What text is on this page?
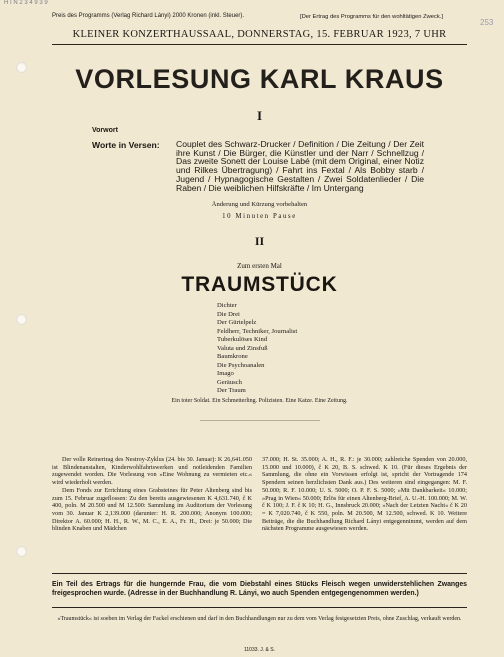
H I N 2 3 4 9 3 9
253
Preis des Programms (Verlag Richard Lányi) 2000 Kronen (inkl. Steuer).	[Der Ertrag des Programms für den wohltätigen Zweck.]
KLEINER KONZERTHAUSSAAL, DONNERSTAG, 15. FEBRUAR 1923, 7 UHR
VORLESUNG KARL KRAUS
I
Vorwort
Worte in Versen: Couplet des Schwarz-Drucker / Definition / Die Zeitung / Der Zeit ihre Kunst / Die Bürger, die Künstler und der Narr / Schnellzug / Das zweite Sonett der Louise Labé (mit dem Original, einer Notiz und Rilkes Übertragung) / Fahrt ins Fextal / Als Bobby starb / Jugend / Hypnagogische Gestalten / Zwei Soldatenlieder / Die Raben / Die weiblichen Hilfskräfte / Im Untergang
Änderung und Kürzung vorbehalten
10 Minuten Pause
II
Zum ersten Mal
TRAUMSTÜCK
Dichter
Die Drei
Der Gürtelpelz
Feldherr, Techniker, Journalist
Tuberkulöses Kind
Valuta und Zinsfuß
Baumkrone
Die Psychoanalen
Imago
Geräusch
Der Traum
Ein toter Soldat. Ein Schmetterling. Polizisten. Eine Katze. Eine Zeitung.

Der volle Reinertrag des Nestroy-Zyklus (24. bis 30. Januar): K 26,641.050 ist Blindenanstalten, Kinderwohlfahrtswerken und notleidenden Familien zugewendet worden. Die Vorlesung von »Eine Wohnung zu vermieten etc.« wird wiederholt werden.

Dem Fonds zur Errichtung eines Grabsteines für Peter Altenberg sind bis zum 15. Februar zugeflossen: Zu den bereits ausgewiesenen K 4,631.740, č K 400, poln. M 20.500 und M 12.500: Sammlung im Auditorium der Vorlesung vom 30. Januar K 2,139.000 (darunter: H. R. 200.000; Anonym 100.000; Direktor A. 60.000; H. H., R. W., M. C., E. A., Fr. H., Drei: je 50.000; Die blinden Knaben und Mädchen

37.000; H. St. 35.000; A. H., R. F.: je 30.000; zahlreiche Spenden von 20.000, 15.000 und 10.000), č K 20, B. S. schwed. K 10. (Für dieses Ergebnis der Sammlung, die ohne ein Vorwissen erfolgt ist, spricht der Vortragende 174 Spendern seinen herzlichsten Dank aus.) Des weiteren sind eingegangen: M. F. 50.000; R. F. 10.000; U. S. 5000; O. P. F. S. 5000; »Mit Dankbarkeit« 10.000; »Prag in Wien« 50.000; Erlös für einen Altenberg-Brief, A. U.-H. 100.000; M. W. č K 100; J. F. č K 10; H. G., Innsbruck 20.000; »Nach der Letzten Nacht« č K 20 = K 7,020.740, č K 550, poln. M 20.500, M 12.500, schwed. K 10. Weitere Beiträge, die die Buchhandlung Richard Lányi entgegennimmt, werden auf dem nächsten Programme ausgewiesen werden.

Ein Teil des Ertrags für die hungernde Frau, die vom Diebstahl eines Stücks Fleisch wegen unwiderstehlichen Zwanges freigesprochen wurde. (Adresse in der Buchhandlung R. Lányi, wo auch Spenden entgegengenommen werden.)
»Traumstück« ist soeben im Verlag der Fackel erschienen und darf in den Buchhandlungen nur zu dem vom Verlag festgesetzten Preis, ohne Zuschlag, verkauft werden.
11033. J. & S.
